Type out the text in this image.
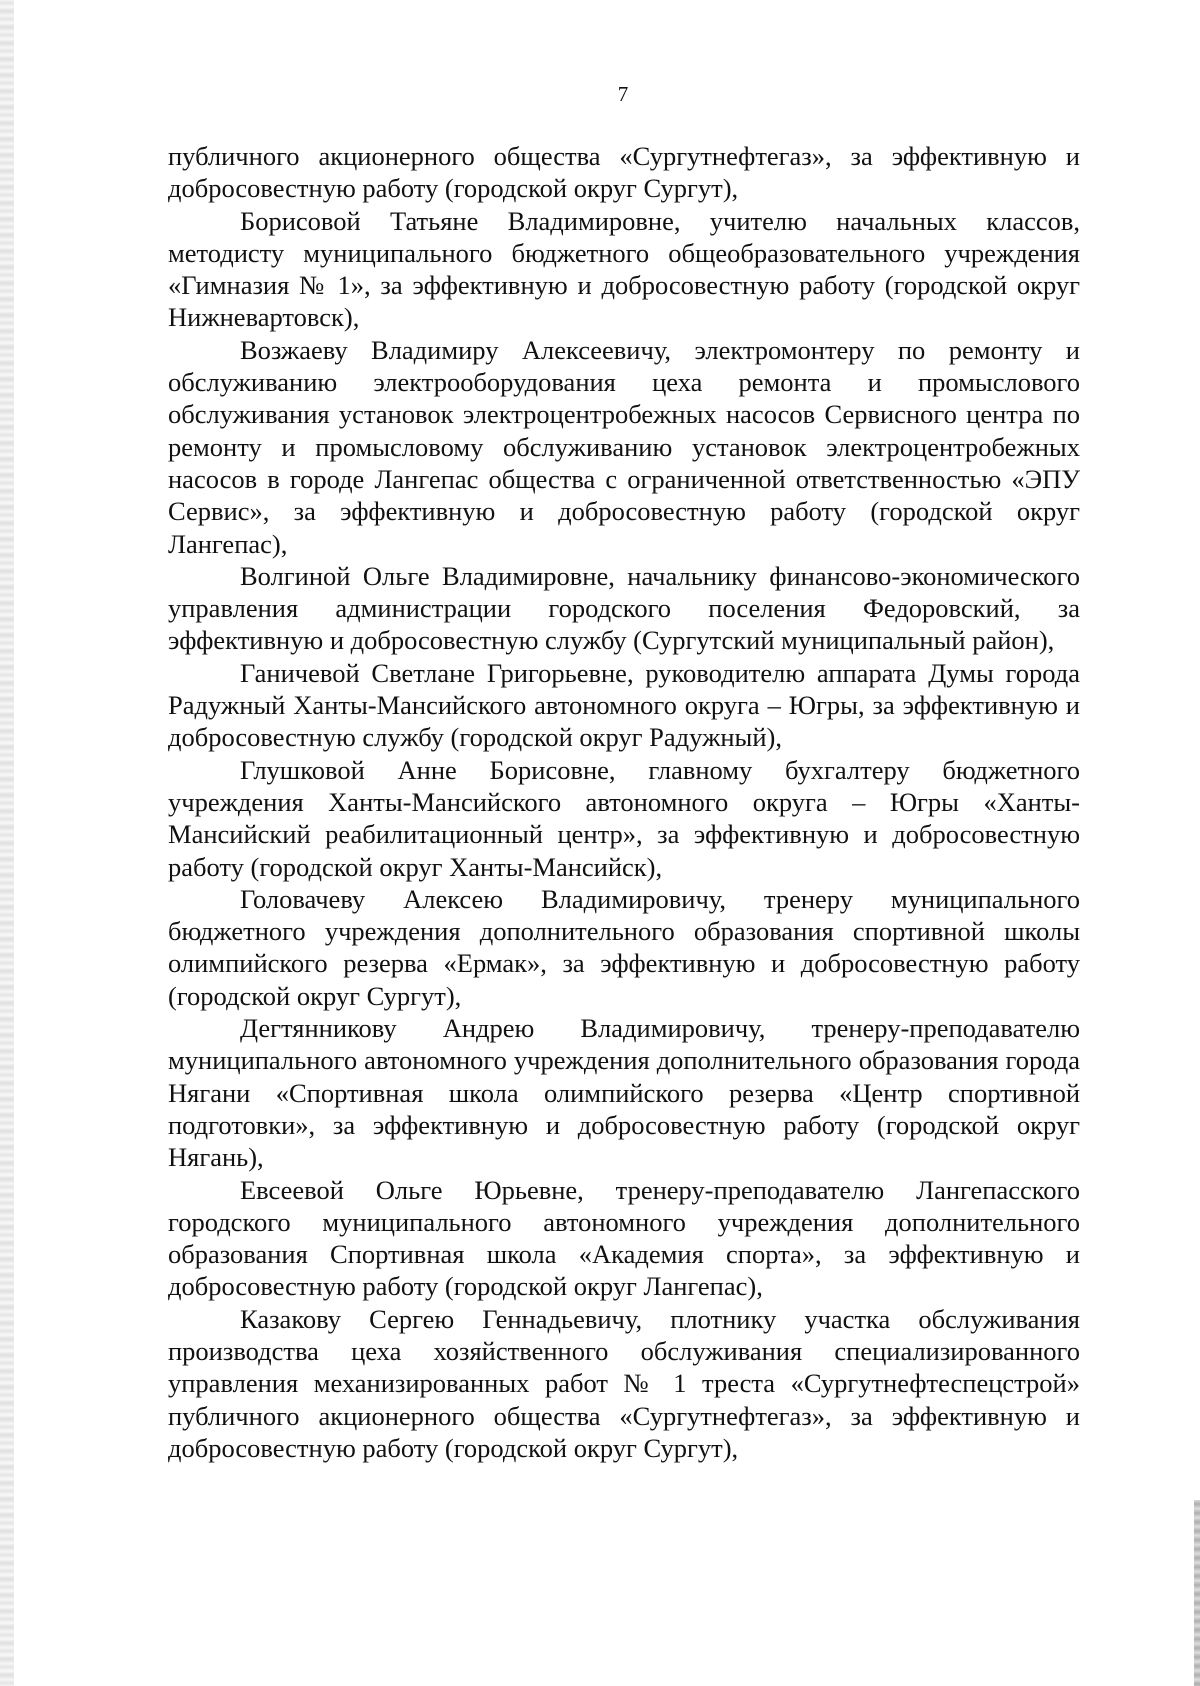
7

публичного акционерного общества «Сургутнефтегаз», за эффективную и добросовестную работу (городской округ Сургут),

Борисовой Татьяне Владимировне, учителю начальных классов, методисту муниципального бюджетного общеобразовательного учреждения «Гимназия № 1», за эффективную и добросовестную работу (городской округ Нижневартовск),

Возжаеву Владимиру Алексеевичу, электромонтеру по ремонту и обслуживанию электрооборудования цеха ремонта и промыслового обслуживания установок электроцентробежных насосов Сервисного центра по ремонту и промысловому обслуживанию установок электроцентробежных насосов в городе Лангепас общества с ограниченной ответственностью «ЭПУ Сервис», за эффективную и добросовестную работу (городской округ Лангепас),

Волгиной Ольге Владимировне, начальнику финансово-экономического управления администрации городского поселения Федоровский, за эффективную и добросовестную службу (Сургутский муниципальный район),

Ганичевой Светлане Григорьевне, руководителю аппарата Думы города Радужный Ханты-Мансийского автономного округа – Югры, за эффективную и добросовестную службу (городской округ Радужный),

Глушковой Анне Борисовне, главному бухгалтеру бюджетного учреждения Ханты-Мансийского автономного округа – Югры «Ханты-Мансийский реабилитационный центр», за эффективную и добросовестную работу (городской округ Ханты-Мансийск),

Головачеву Алексею Владимировичу, тренеру муниципального бюджетного учреждения дополнительного образования спортивной школы олимпийского резерва «Ермак», за эффективную и добросовестную работу (городской округ Сургут),

Дегтянникову Андрею Владимировичу, тренеру-преподавателю муниципального автономного учреждения дополнительного образования города Нягани «Спортивная школа олимпийского резерва «Центр спортивной подготовки», за эффективную и добросовестную работу (городской округ Нягань),

Евсеевой Ольге Юрьевне, тренеру-преподавателю Лангепасского городского муниципального автономного учреждения дополнительного образования Спортивная школа «Академия спорта», за эффективную и добросовестную работу (городской округ Лангепас),

Казакову Сергею Геннадьевичу, плотнику участка обслуживания производства цеха хозяйственного обслуживания специализированного управления механизированных работ № 1 треста «Сургутнефтеспецстрой» публичного акционерного общества «Сургутнефтегаз», за эффективную и добросовестную работу (городской округ Сургут),
